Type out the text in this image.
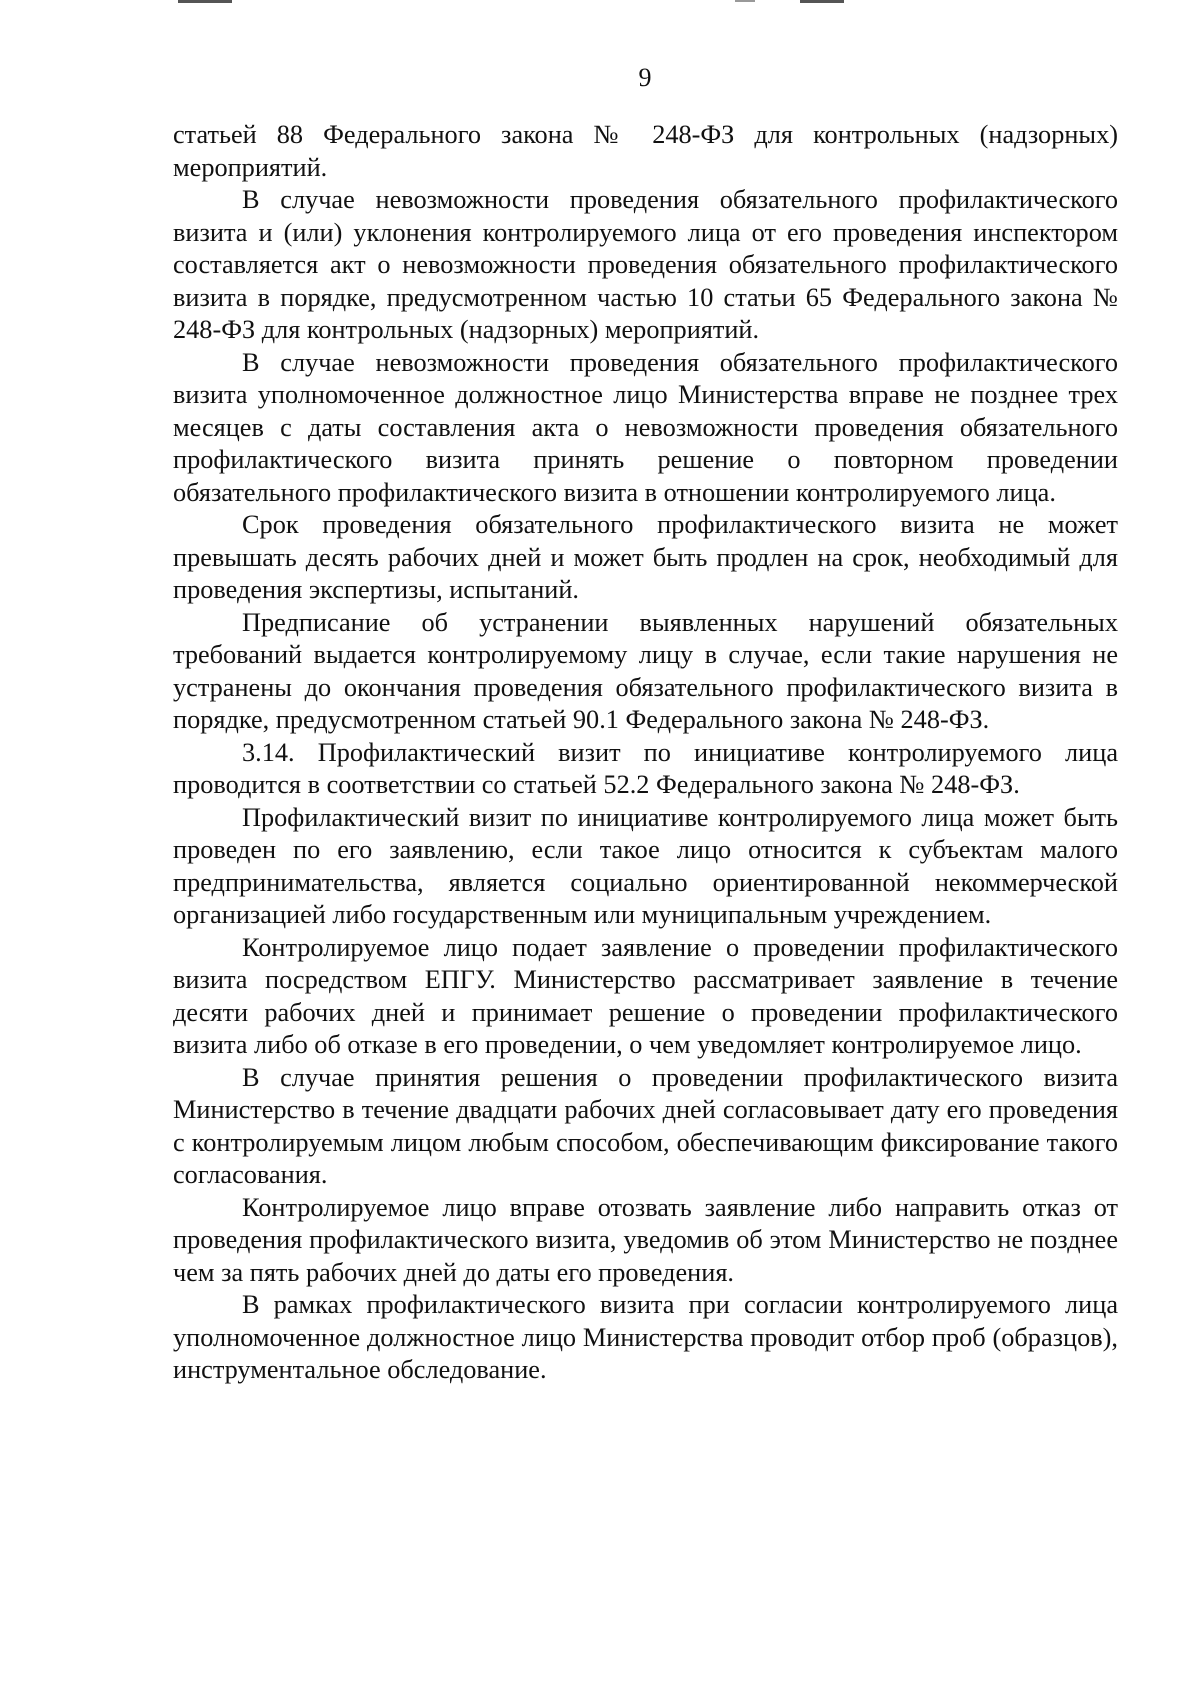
9

статьей 88 Федерального закона № 248-ФЗ для контрольных (надзорных) мероприятий.

В случае невозможности проведения обязательного профилактического визита и (или) уклонения контролируемого лица от его проведения инспектором составляется акт о невозможности проведения обязательного профилактического визита в порядке, предусмотренном частью 10 статьи 65 Федерального закона № 248-ФЗ для контрольных (надзорных) мероприятий.

В случае невозможности проведения обязательного профилактического визита уполномоченное должностное лицо Министерства вправе не позднее трех месяцев с даты составления акта о невозможности проведения обязательного профилактического визита принять решение о повторном проведении обязательного профилактического визита в отношении контролируемого лица.

Срок проведения обязательного профилактического визита не может превышать десять рабочих дней и может быть продлен на срок, необходимый для проведения экспертизы, испытаний.

Предписание об устранении выявленных нарушений обязательных требований выдается контролируемому лицу в случае, если такие нарушения не устранены до окончания проведения обязательного профилактического визита в порядке, предусмотренном статьей 90.1 Федерального закона № 248-ФЗ.

3.14. Профилактический визит по инициативе контролируемого лица проводится в соответствии со статьей 52.2 Федерального закона № 248-ФЗ.

Профилактический визит по инициативе контролируемого лица может быть проведен по его заявлению, если такое лицо относится к субъектам малого предпринимательства, является социально ориентированной некоммерческой организацией либо государственным или муниципальным учреждением.

Контролируемое лицо подает заявление о проведении профилактического визита посредством ЕПГУ. Министерство рассматривает заявление в течение десяти рабочих дней и принимает решение о проведении профилактического визита либо об отказе в его проведении, о чем уведомляет контролируемое лицо.

В случае принятия решения о проведении профилактического визита Министерство в течение двадцати рабочих дней согласовывает дату его проведения с контролируемым лицом любым способом, обеспечивающим фиксирование такого согласования.

Контролируемое лицо вправе отозвать заявление либо направить отказ от проведения профилактического визита, уведомив об этом Министерство не позднее чем за пять рабочих дней до даты его проведения.

В рамках профилактического визита при согласии контролируемого лица уполномоченное должностное лицо Министерства проводит отбор проб (образцов), инструментальное обследование.
